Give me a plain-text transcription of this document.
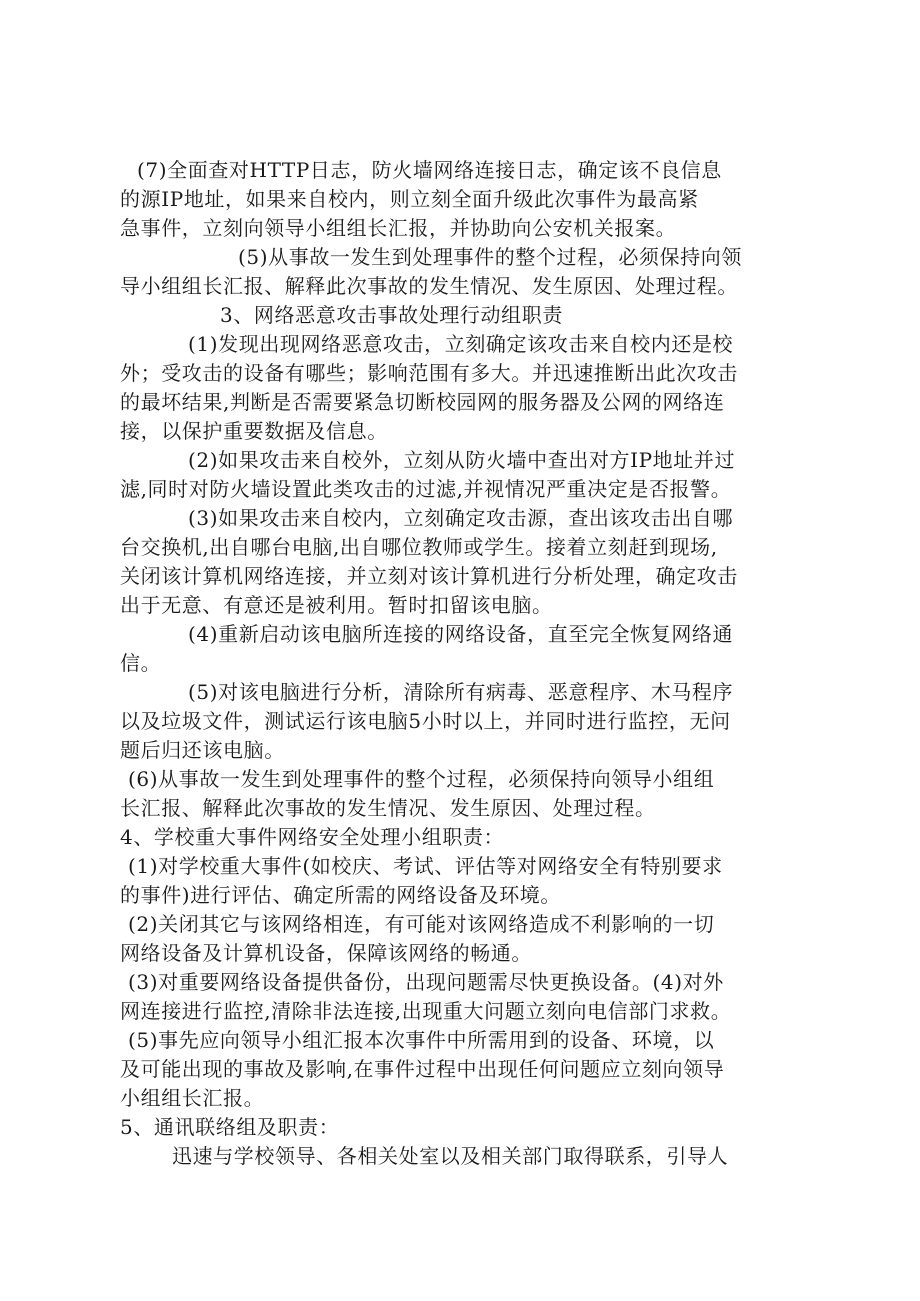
(7)全面查对HTTP日志，防火墙网络连接日志，确定该不良信息
的源IP地址，如果来自校内，则立刻全面升级此次事件为最高紧
急事件，立刻向领导小组组长汇报，并协助向公安机关报案。
(5)从事故一发生到处理事件的整个过程，必须保持向领
导小组组长汇报、解释此次事故的发生情况、发生原因、处理过程。
3、网络恶意攻击事故处理行动组职责
(1)发现出现网络恶意攻击，立刻确定该攻击来自校内还是校
外；受攻击的设备有哪些；影响范围有多大。并迅速推断出此次攻击
的最坏结果,判断是否需要紧急切断校园网的服务器及公网的网络连
接，以保护重要数据及信息。
(2)如果攻击来自校外，立刻从防火墙中查出对方IP地址并过
滤,同时对防火墙设置此类攻击的过滤,并视情况严重决定是否报警。
(3)如果攻击来自校内，立刻确定攻击源，查出该攻击出自哪
台交换机,出自哪台电脑,出自哪位教师或学生。接着立刻赶到现场,
关闭该计算机网络连接，并立刻对该计算机进行分析处理，确定攻击
出于无意、有意还是被利用。暂时扣留该电脑。
(4)重新启动该电脑所连接的网络设备，直至完全恢复网络通
信。
(5)对该电脑进行分析，清除所有病毒、恶意程序、木马程序
以及垃圾文件，测试运行该电脑5小时以上，并同时进行监控，无问
题后归还该电脑。
(6)从事故一发生到处理事件的整个过程，必须保持向领导小组组
长汇报、解释此次事故的发生情况、发生原因、处理过程。
4、学校重大事件网络安全处理小组职责：
(1)对学校重大事件(如校庆、考试、评估等对网络安全有特别要求
的事件)进行评估、确定所需的网络设备及环境。
(2)关闭其它与该网络相连，有可能对该网络造成不利影响的一切
网络设备及计算机设备，保障该网络的畅通。
(3)对重要网络设备提供备份，出现问题需尽快更换设备。(4)对外
网连接进行监控,清除非法连接,出现重大问题立刻向电信部门求救。
(5)事先应向领导小组汇报本次事件中所需用到的设备、环境，以
及可能出现的事故及影响,在事件过程中出现任何问题应立刻向领导
小组组长汇报。
5、通讯联络组及职责：
迅速与学校领导、各相关处室以及相关部门取得联系，引导人
